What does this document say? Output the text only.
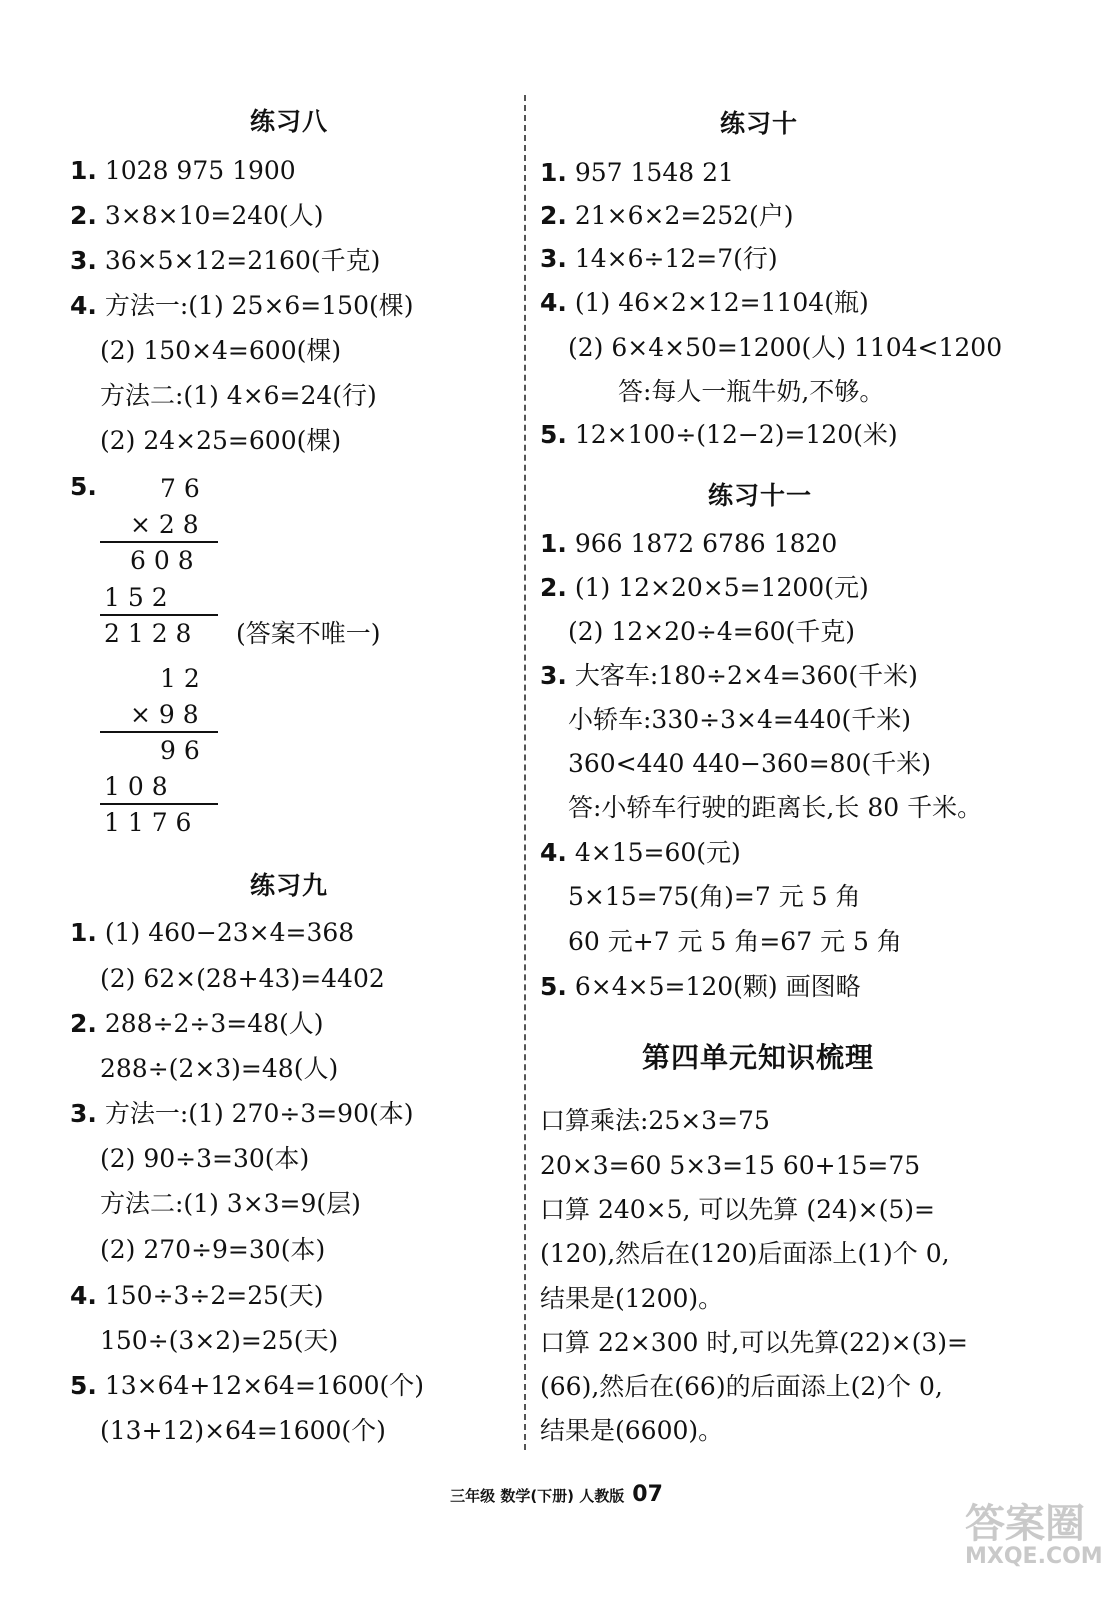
练习八
1. 1028 975 1900
2. 3×8×10=240(人)
3. 36×5×12=2160(千克)
4. 方法一:(1) 25×6=150(棵)
(2) 150×4=600(棵)
方法二:(1) 4×6=24(行)
(2) 24×25=600(棵)
5.	7 6
× 2 8
6 0 8
1 5 2
2 1 2 8 (答案不唯一)
1 2
× 9 8
9 6
1 0 8
1 1 7 6
练习九
1. (1) 460−23×4=368
(2) 62×(28+43)=4402
2. 288÷2÷3=48(人)
288÷(2×3)=48(人)
3. 方法一:(1) 270÷3=90(本)
(2) 90÷3=30(本)
方法二:(1) 3×3=9(层)
(2) 270÷9=30(本)
4. 150÷3÷2=25(天)
150÷(3×2)=25(天)
5. 13×64+12×64=1600(个)
(13+12)×64=1600(个)
练习十
1. 957 1548 21
2. 21×6×2=252(户)
3. 14×6÷12=7(行)
4. (1) 46×2×12=1104(瓶)
(2) 6×4×50=1200(人) 1104<1200
答:每人一瓶牛奶,不够。
5. 12×100÷(12−2)=120(米)
练习十一
1. 966 1872 6786 1820
2. (1) 12×20×5=1200(元)
(2) 12×20÷4=60(千克)
3. 大客车:180÷2×4=360(千米)
小轿车:330÷3×4=440(千米)
360<440 440−360=80(千米)
答:小轿车行驶的距离长,长 80 千米。
4. 4×15=60(元)
5×15=75(角)=7 元 5 角
60 元+7 元 5 角=67 元 5 角
5. 6×4×5=120(颗) 画图略
第四单元知识梳理
口算乘法:25×3=75
20×3=60 5×3=15 60+15=75
口算 240×5, 可以先算 (24)×(5)=
(120),然后在(120)后面添上(1)个 0,
结果是(1200)。
口算 22×300 时,可以先算(22)×(3)=
(66),然后在(66)的后面添上(2)个 0,
结果是(6600)。
三年级 数学(下册) 人教版 07
答案圈
MXQE.COM
